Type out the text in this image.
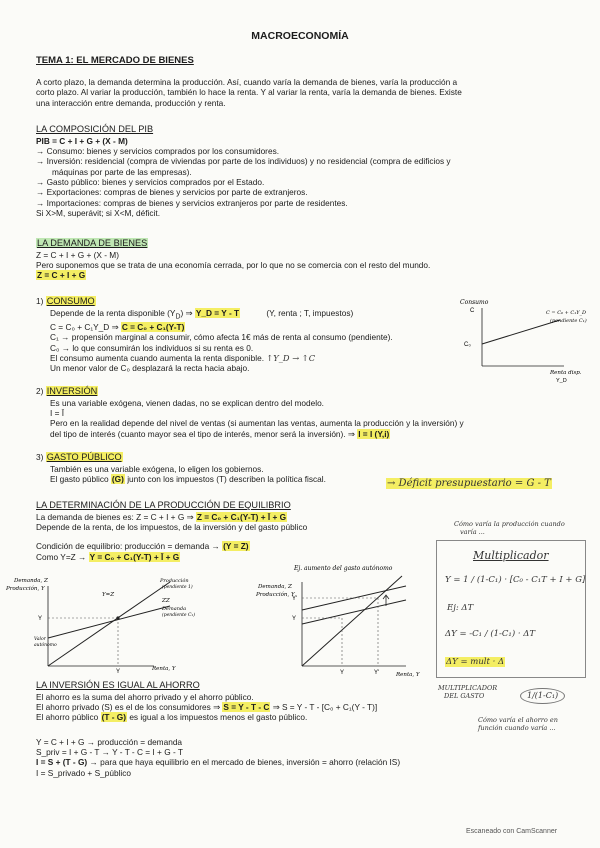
MACROECONOMÍA
TEMA 1: EL MERCADO DE BIENES
A corto plazo, la demanda determina la producción. Así, cuando varía la demanda de bienes, varía la producción a
corto plazo. Al variar la producción, también lo hace la renta. Y al variar la renta, varía la demanda de bienes. Existe
una interacción entre demanda, producción y renta.
LA COMPOSICIÓN DEL PIB
PIB = C + I + G + (X - M)
→ Consumo: bienes y servicios comprados por los consumidores.
→ Inversión: residencial (compra de viviendas por parte de los individuos) y no residencial (compra de edificios y
máquinas por parte de las empresas).
→ Gasto público: bienes y servicios comprados por el Estado.
→ Exportaciones: compras de bienes y servicios por parte de extranjeros.
→ Importaciones: compras de bienes y servicios extranjeros por parte de residentes.
Si X>M, superávit; si X<M, déficit.
LA DEMANDA DE BIENES
Z = C + I + G + (X - M)
Pero suponemos que se trata de una economía cerrada, por lo que no se comercia con el resto del mundo.
Z = C + I + G
1) CONSUMO
Depende de la renta disponible $(Y_D)$ ⇒ Y_D = Y - T	(Y, renta ; T, impuestos)
C = C₀ + C₁Y_D ⇒ C = C₀ + C₁(Y-T)
C₁ → propensión marginal a consumir, cómo afecta 1€ más de renta al consumo (pendiente).
C₀ → lo que consumirán los individuos si su renta es 0.
El consumo aumenta cuando aumenta la renta disponible. ↑Y_D → ↑C
Un menor valor de C₀ desplazará la recta hacia abajo.
Consumo
C
C₀
C = C₀ + C₁Y_D
(pendiente C₁)
Renta disp.
Y_D
2) INVERSIÓN
Es una variable exógena, vienen dadas, no se explican dentro del modelo.
I = Ī
Pero en la realidad depende del nivel de ventas (si aumentan las ventas, aumenta la producción y la inversión) y
del tipo de interés (cuanto mayor sea el tipo de interés, menor será la inversión). ⇒ I = I (Y,i)
3) GASTO PÚBLICO
También es una variable exógena, lo eligen los gobiernos.
El gasto público (G) junto con los impuestos (T) describen la política fiscal.	→ Déficit presupuestario = G - T
LA DETERMINACIÓN DE LA PRODUCCIÓN DE EQUILIBRIO
La demanda de bienes es: Z = C + I + G ⇒ Z = C₀ + C₁(Y-T) + Ī + G
Depende de la renta, de los impuestos, de la inversión y del gasto público
Condición de equilibrio: producción = demanda → (Y = Z)
Como Y=Z → Y = C₀ + C₁(Y-T) + Ī + G
Demanda, Z
Producción, Y
Producción
(pendiente 1)
ZZ
Demanda
(pendiente C₁)
Y=Z
Y
Y	Renta, Y
Valor
autónomo
Ej. aumento del gasto autónomo
Demanda, Z
Producción, Y
Y'
Y
Y	Y'	Renta, Y
Cómo varía la producción cuando
varía ...
Multiplicador
Y = 1 / (1-C₁) · [C₀ - C₁T + I + G]
Ej: ΔT
ΔY = -C₁ / (1-C₁) · ΔT
ΔY = mult · Δ
MULTIPLICADOR
DEL GASTO	1/(1-C₁)
Cómo varía el ahorro en
función cuando varía ...
LA INVERSIÓN ES IGUAL AL AHORRO
El ahorro es la suma del ahorro privado y el ahorro público.
El ahorro privado (S) es el de los consumidores ⇒ S = Y - T - C ⇒ S = Y - T - [C₀ + C₁(Y - T)]
El ahorro público (T - G) es igual a los impuestos menos el gasto público.
Y = C + I + G → producción = demanda
S_priv = I + G - T → Y - T - C = I + G - T
I = S + (T - G) → para que haya equilibrio en el mercado de bienes, inversión = ahorro (relación IS)
I = S_privado + S_público
Escaneado con CamScanner
